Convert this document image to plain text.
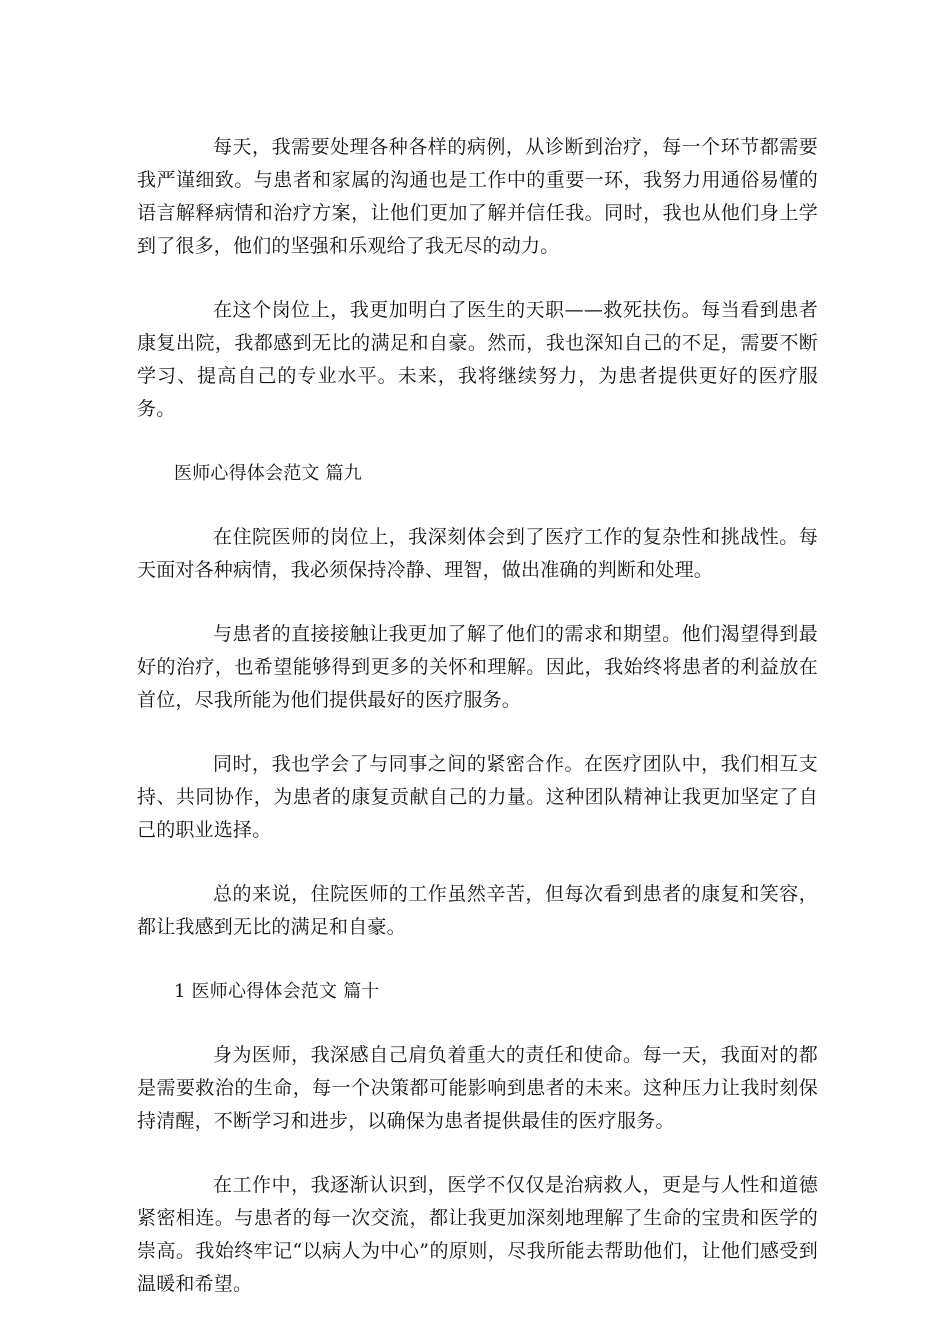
每天，我需要处理各种各样的病例，从诊断到治疗，每一个环节都需要我严谨细致。与患者和家属的沟通也是工作中的重要一环，我努力用通俗易懂的语言解释病情和治疗方案，让他们更加了解并信任我。同时，我也从他们身上学到了很多，他们的坚强和乐观给了我无尽的动力。

在这个岗位上，我更加明白了医生的天职——救死扶伤。每当看到患者康复出院，我都感到无比的满足和自豪。然而，我也深知自己的不足，需要不断学习、提高自己的专业水平。未来，我将继续努力，为患者提供更好的医疗服务。

医师心得体会范文 篇九

在住院医师的岗位上，我深刻体会到了医疗工作的复杂性和挑战性。每天面对各种病情，我必须保持冷静、理智，做出准确的判断和处理。

与患者的直接接触让我更加了解了他们的需求和期望。他们渴望得到最好的治疗，也希望能够得到更多的关怀和理解。因此，我始终将患者的利益放在首位，尽我所能为他们提供最好的医疗服务。

同时，我也学会了与同事之间的紧密合作。在医疗团队中，我们相互支持、共同协作，为患者的康复贡献自己的力量。这种团队精神让我更加坚定了自己的职业选择。

总的来说，住院医师的工作虽然辛苦，但每次看到患者的康复和笑容，都让我感到无比的满足和自豪。

1 医师心得体会范文 篇十

身为医师，我深感自己肩负着重大的责任和使命。每一天，我面对的都是需要救治的生命，每一个决策都可能影响到患者的未来。这种压力让我时刻保持清醒，不断学习和进步，以确保为患者提供最佳的医疗服务。

在工作中，我逐渐认识到，医学不仅仅是治病救人，更是与人性和道德紧密相连。与患者的每一次交流，都让我更加深刻地理解了生命的宝贵和医学的崇高。我始终牢记“以病人为中心”的原则，尽我所能去帮助他们，让他们感受到温暖和希望。
